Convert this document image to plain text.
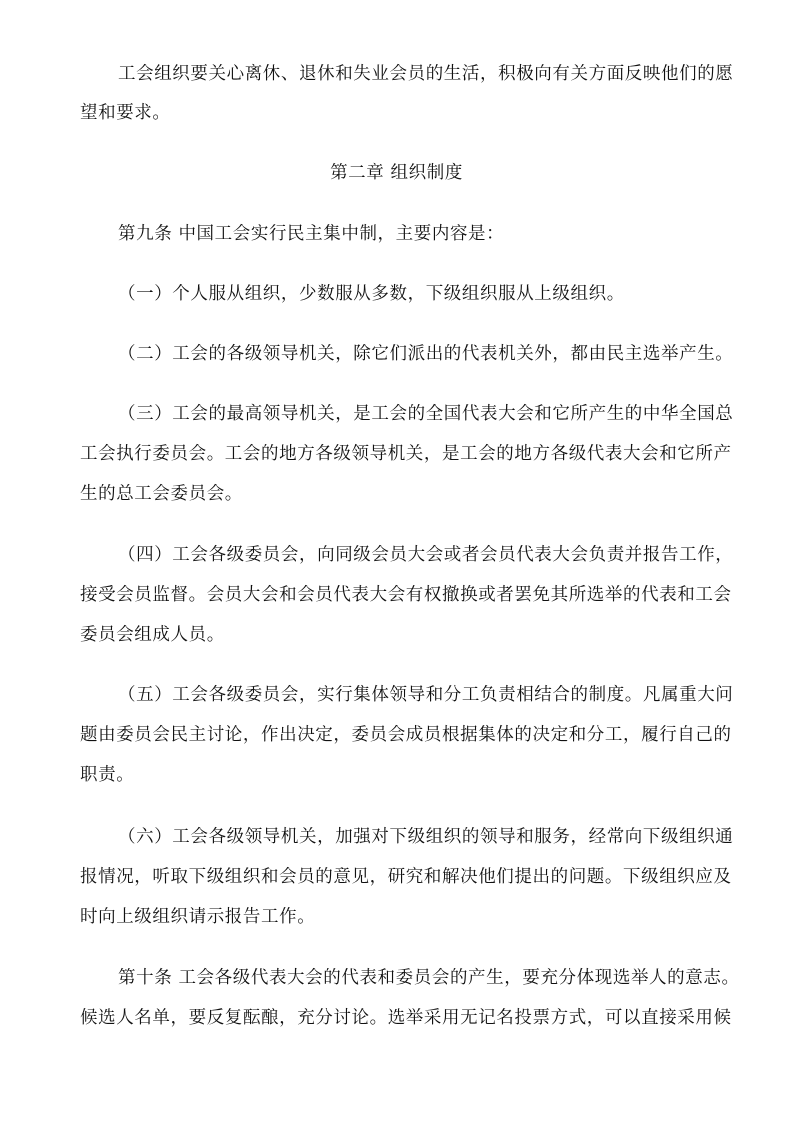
工会组织要关心离休、退休和失业会员的生活，积极向有关方面反映他们的愿
望和要求。
第二章 组织制度
第九条 中国工会实行民主集中制，主要内容是：
（一）个人服从组织，少数服从多数，下级组织服从上级组织。
（二）工会的各级领导机关，除它们派出的代表机关外，都由民主选举产生。
（三）工会的最高领导机关，是工会的全国代表大会和它所产生的中华全国总
工会执行委员会。工会的地方各级领导机关，是工会的地方各级代表大会和它所产
生的总工会委员会。
（四）工会各级委员会，向同级会员大会或者会员代表大会负责并报告工作，
接受会员监督。会员大会和会员代表大会有权撤换或者罢免其所选举的代表和工会
委员会组成人员。
（五）工会各级委员会，实行集体领导和分工负责相结合的制度。凡属重大问
题由委员会民主讨论，作出决定，委员会成员根据集体的决定和分工，履行自己的
职责。
（六）工会各级领导机关，加强对下级组织的领导和服务，经常向下级组织通
报情况，听取下级组织和会员的意见，研究和解决他们提出的问题。下级组织应及
时向上级组织请示报告工作。
第十条 工会各级代表大会的代表和委员会的产生，要充分体现选举人的意志。
候选人名单，要反复酝酿，充分讨论。选举采用无记名投票方式，可以直接采用候
